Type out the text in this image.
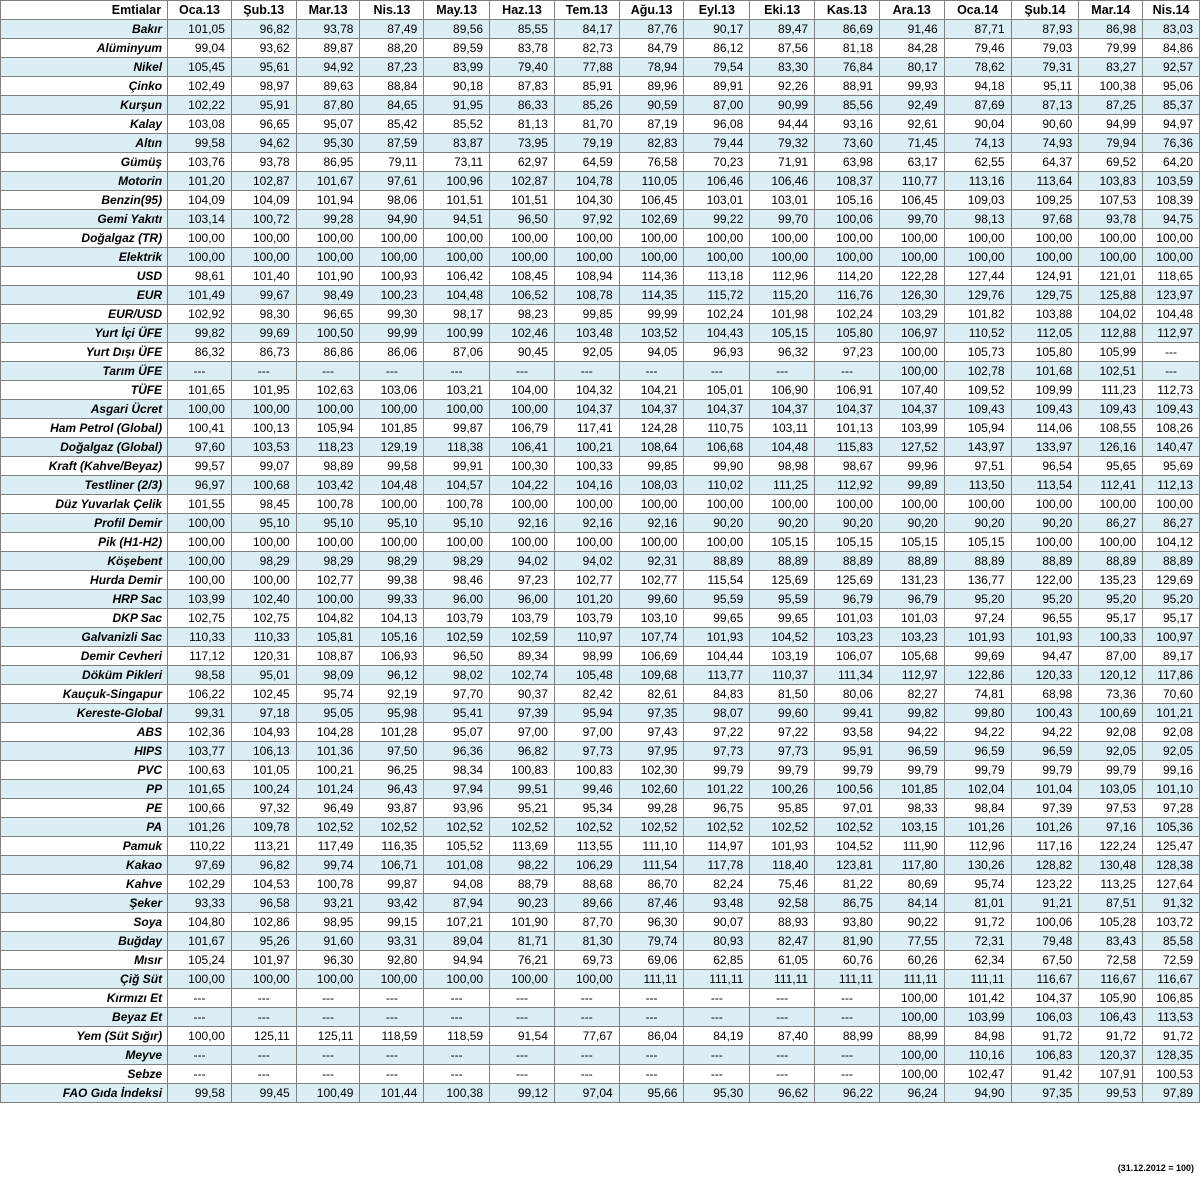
Emtialar	Oca.13	Şub.13	Mar.13	Nis.13	May.13	Haz.13	Tem.13	Ağu.13	Eyl.13	Eki.13	Kas.13	Ara.13	Oca.14	Şub.14	Mar.14	Nis.14
Bakır	101,05	96,82	93,78	87,49	89,56	85,55	84,17	87,76	90,17	89,47	86,69	91,46	87,71	87,93	86,98	83,03
Alüminyum	99,04	93,62	89,87	88,20	89,59	83,78	82,73	84,79	86,12	87,56	81,18	84,28	79,46	79,03	79,99	84,86
Nikel	105,45	95,61	94,92	87,23	83,99	79,40	77,88	78,94	79,54	83,30	76,84	80,17	78,62	79,31	83,27	92,57
Çinko	102,49	98,97	89,63	88,84	90,18	87,83	85,91	89,96	89,91	92,26	88,91	99,93	94,18	95,11	100,38	95,06
Kurşun	102,22	95,91	87,80	84,65	91,95	86,33	85,26	90,59	87,00	90,99	85,56	92,49	87,69	87,13	87,25	85,37
Kalay	103,08	96,65	95,07	85,42	85,52	81,13	81,70	87,19	96,08	94,44	93,16	92,61	90,04	90,60	94,99	94,97
Altın	99,58	94,62	95,30	87,59	83,87	73,95	79,19	82,83	79,44	79,32	73,60	71,45	74,13	74,93	79,94	76,36
Gümüş	103,76	93,78	86,95	79,11	73,11	62,97	64,59	76,58	70,23	71,91	63,98	63,17	62,55	64,37	69,52	64,20
Motorin	101,20	102,87	101,67	97,61	100,96	102,87	104,78	110,05	106,46	106,46	108,37	110,77	113,16	113,64	103,83	103,59
Benzin(95)	104,09	104,09	101,94	98,06	101,51	101,51	104,30	106,45	103,01	103,01	105,16	106,45	109,03	109,25	107,53	108,39
Gemi Yakıtı	103,14	100,72	99,28	94,90	94,51	96,50	97,92	102,69	99,22	99,70	100,06	99,70	98,13	97,68	93,78	94,75
Doğalgaz (TR)	100,00	100,00	100,00	100,00	100,00	100,00	100,00	100,00	100,00	100,00	100,00	100,00	100,00	100,00	100,00	100,00
Elektrik	100,00	100,00	100,00	100,00	100,00	100,00	100,00	100,00	100,00	100,00	100,00	100,00	100,00	100,00	100,00	100,00
USD	98,61	101,40	101,90	100,93	106,42	108,45	108,94	114,36	113,18	112,96	114,20	122,28	127,44	124,91	121,01	118,65
EUR	101,49	99,67	98,49	100,23	104,48	106,52	108,78	114,35	115,72	115,20	116,76	126,30	129,76	129,75	125,88	123,97
EUR/USD	102,92	98,30	96,65	99,30	98,17	98,23	99,85	99,99	102,24	101,98	102,24	103,29	101,82	103,88	104,02	104,48
Yurt İçi ÜFE	99,82	99,69	100,50	99,99	100,99	102,46	103,48	103,52	104,43	105,15	105,80	106,97	110,52	112,05	112,88	112,97
Yurt Dışı ÜFE	86,32	86,73	86,86	86,06	87,06	90,45	92,05	94,05	96,93	96,32	97,23	100,00	105,73	105,80	105,99	---
Tarım ÜFE	---	---	---	---	---	---	---	---	---	---	---	100,00	102,78	101,68	102,51	---
TÜFE	101,65	101,95	102,63	103,06	103,21	104,00	104,32	104,21	105,01	106,90	106,91	107,40	109,52	109,99	111,23	112,73
Asgari Ücret	100,00	100,00	100,00	100,00	100,00	100,00	104,37	104,37	104,37	104,37	104,37	104,37	109,43	109,43	109,43	109,43
Ham Petrol (Global)	100,41	100,13	105,94	101,85	99,87	106,79	117,41	124,28	110,75	103,11	101,13	103,99	105,94	114,06	108,55	108,26
Doğalgaz (Global)	97,60	103,53	118,23	129,19	118,38	106,41	100,21	108,64	106,68	104,48	115,83	127,52	143,97	133,97	126,16	140,47
Kraft (Kahve/Beyaz)	99,57	99,07	98,89	99,58	99,91	100,30	100,33	99,85	99,90	98,98	98,67	99,96	97,51	96,54	95,65	95,69
Testliner (2/3)	96,97	100,68	103,42	104,48	104,57	104,22	104,16	108,03	110,02	111,25	112,92	99,89	113,50	113,54	112,41	112,13
Düz Yuvarlak Çelik	101,55	98,45	100,78	100,00	100,78	100,00	100,00	100,00	100,00	100,00	100,00	100,00	100,00	100,00	100,00	100,00
Profil Demir	100,00	95,10	95,10	95,10	95,10	92,16	92,16	92,16	90,20	90,20	90,20	90,20	90,20	90,20	86,27	86,27
Pik (H1-H2)	100,00	100,00	100,00	100,00	100,00	100,00	100,00	100,00	100,00	105,15	105,15	105,15	105,15	100,00	100,00	104,12
Köşebent	100,00	98,29	98,29	98,29	98,29	94,02	94,02	92,31	88,89	88,89	88,89	88,89	88,89	88,89	88,89	88,89
Hurda Demir	100,00	100,00	102,77	99,38	98,46	97,23	102,77	102,77	115,54	125,69	125,69	131,23	136,77	122,00	135,23	129,69
HRP Sac	103,99	102,40	100,00	99,33	96,00	96,00	101,20	99,60	95,59	95,59	96,79	96,79	95,20	95,20	95,20	95,20
DKP Sac	102,75	102,75	104,82	104,13	103,79	103,79	103,79	103,10	99,65	99,65	101,03	101,03	97,24	96,55	95,17	95,17
Galvanizli Sac	110,33	110,33	105,81	105,16	102,59	102,59	110,97	107,74	101,93	104,52	103,23	103,23	101,93	101,93	100,33	100,97
Demir Cevheri	117,12	120,31	108,87	106,93	96,50	89,34	98,99	106,69	104,44	103,19	106,07	105,68	99,69	94,47	87,00	89,17
Döküm Pikleri	98,58	95,01	98,09	96,12	98,02	102,74	105,48	109,68	113,77	110,37	111,34	112,97	122,86	120,33	120,12	117,86
Kauçuk-Singapur	106,22	102,45	95,74	92,19	97,70	90,37	82,42	82,61	84,83	81,50	80,06	82,27	74,81	68,98	73,36	70,60
Kereste-Global	99,31	97,18	95,05	95,98	95,41	97,39	95,94	97,35	98,07	99,60	99,41	99,82	99,80	100,43	100,69	101,21
ABS	102,36	104,93	104,28	101,28	95,07	97,00	97,00	97,43	97,22	97,22	93,58	94,22	94,22	94,22	92,08	92,08
HIPS	103,77	106,13	101,36	97,50	96,36	96,82	97,73	97,95	97,73	97,73	95,91	96,59	96,59	96,59	92,05	92,05
PVC	100,63	101,05	100,21	96,25	98,34	100,83	100,83	102,30	99,79	99,79	99,79	99,79	99,79	99,79	99,79	99,16
PP	101,65	100,24	101,24	96,43	97,94	99,51	99,46	102,60	101,22	100,26	100,56	101,85	102,04	101,04	103,05	101,10
PE	100,66	97,32	96,49	93,87	93,96	95,21	95,34	99,28	96,75	95,85	97,01	98,33	98,84	97,39	97,53	97,28
PA	101,26	109,78	102,52	102,52	102,52	102,52	102,52	102,52	102,52	102,52	102,52	103,15	101,26	101,26	97,16	105,36
Pamuk	110,22	113,21	117,49	116,35	105,52	113,69	113,55	111,10	114,97	101,93	104,52	111,90	112,96	117,16	122,24	125,47
Kakao	97,69	96,82	99,74	106,71	101,08	98,22	106,29	111,54	117,78	118,40	123,81	117,80	130,26	128,82	130,48	128,38
Kahve	102,29	104,53	100,78	99,87	94,08	88,79	88,68	86,70	82,24	75,46	81,22	80,69	95,74	123,22	113,25	127,64
Şeker	93,33	96,58	93,21	93,42	87,94	90,23	89,66	87,46	93,48	92,58	86,75	84,14	81,01	91,21	87,51	91,32
Soya	104,80	102,86	98,95	99,15	107,21	101,90	87,70	96,30	90,07	88,93	93,80	90,22	91,72	100,06	105,28	103,72
Buğday	101,67	95,26	91,60	93,31	89,04	81,71	81,30	79,74	80,93	82,47	81,90	77,55	72,31	79,48	83,43	85,58
Mısır	105,24	101,97	96,30	92,80	94,94	76,21	69,73	69,06	62,85	61,05	60,76	60,26	62,34	67,50	72,58	72,59
Çiğ Süt	100,00	100,00	100,00	100,00	100,00	100,00	100,00	111,11	111,11	111,11	111,11	111,11	111,11	116,67	116,67	116,67
Kırmızı Et	---	---	---	---	---	---	---	---	---	---	---	100,00	101,42	104,37	105,90	106,85
Beyaz Et	---	---	---	---	---	---	---	---	---	---	---	100,00	103,99	106,03	106,43	113,53
Yem (Süt Sığır)	100,00	125,11	125,11	118,59	118,59	91,54	77,67	86,04	84,19	87,40	88,99	88,99	84,98	91,72	91,72	91,72
Meyve	---	---	---	---	---	---	---	---	---	---	---	100,00	110,16	106,83	120,37	128,35
Sebze	---	---	---	---	---	---	---	---	---	---	---	100,00	102,47	91,42	107,91	100,53
FAO Gıda İndeksi	99,58	99,45	100,49	101,44	100,38	99,12	97,04	95,66	95,30	96,62	96,22	96,24	94,90	97,35	99,53	97,89
(31.12.2012 = 100)
